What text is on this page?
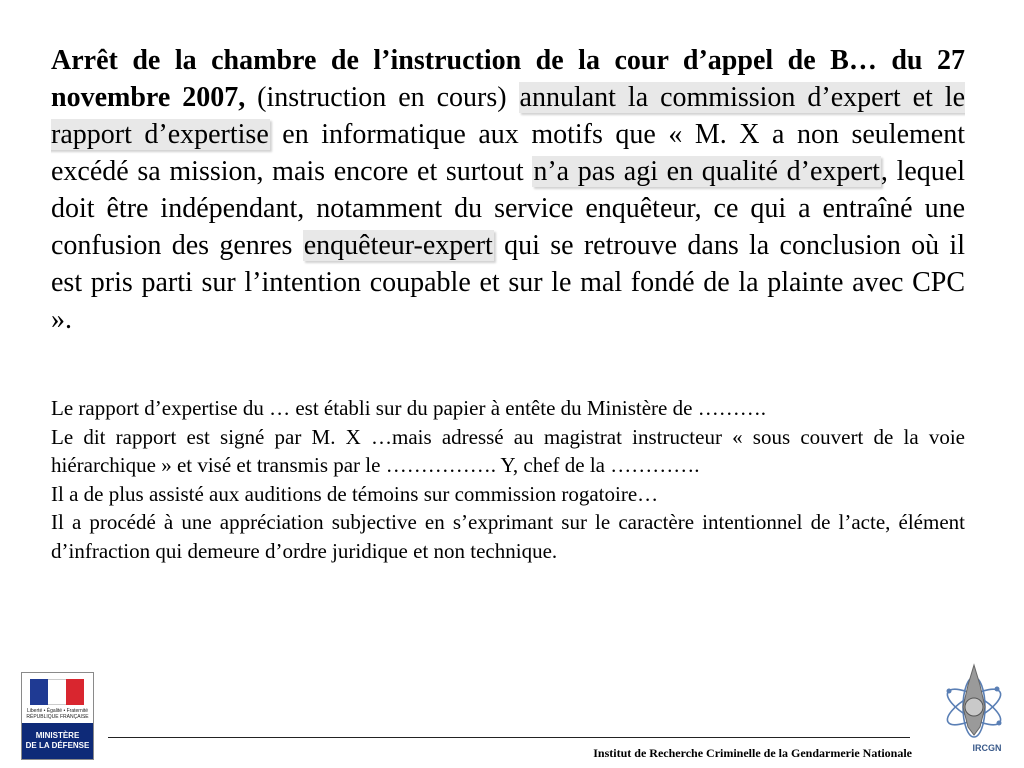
Arrêt de la chambre de l’instruction de la cour d’appel de B… du 27 novembre 2007, (instruction en cours) annulant la commission d’expert et le rapport d’expertise en informatique aux motifs que « M. X a non seulement excédé sa mission, mais encore et surtout n’a pas agi en qualité d’expert, lequel doit être indépendant, notamment du service enquêteur, ce qui a entraîné une confusion des genres enquêteur-expert qui se retrouve dans la conclusion où il est pris parti sur l’intention coupable et sur le mal fondé de la plainte avec CPC ».

Le rapport d’expertise du … est établi sur du papier à entête du Ministère de ……….

Le dit rapport est signé par M. X …mais adressé au magistrat instructeur « sous couvert de la voie hiérarchique » et visé et transmis par le ……………. Y, chef de la ………….

Il a de plus assisté aux auditions de témoins sur commission rogatoire…

Il a procédé à une appréciation subjective en s’exprimant sur le caractère intentionnel de l’acte, élément d’infraction qui demeure d’ordre juridique et non technique.

Liberté • Égalité • Fraternité
RÉPUBLIQUE FRANÇAISE
MINISTÈRE
DE LA DÉFENSE
Institut de Recherche Criminelle de la Gendarmerie Nationale	IRCGN
